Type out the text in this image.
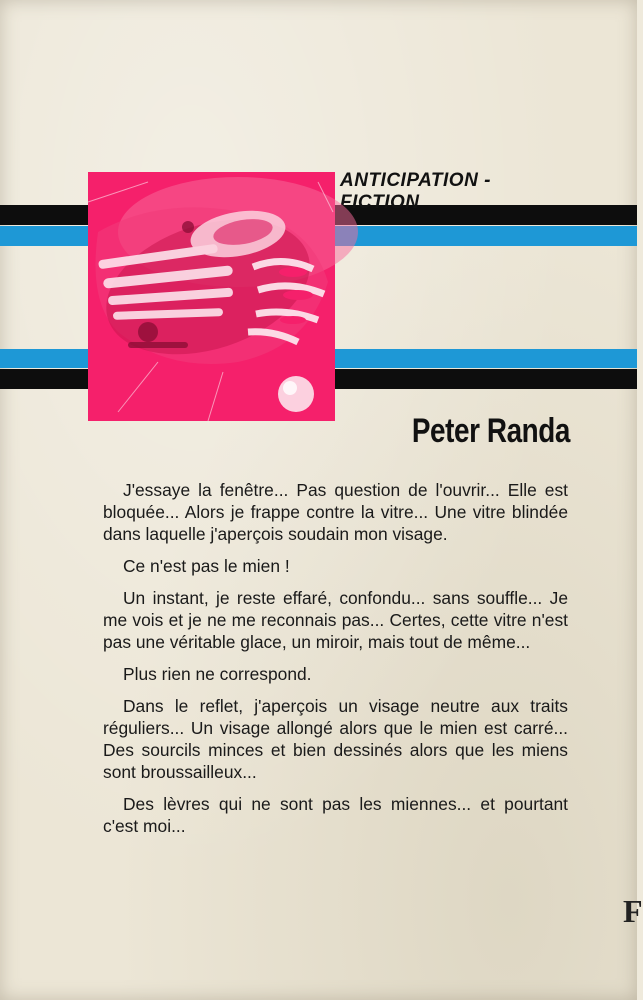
ANTICIPATION - FICTION
Peter Randa

J'essaye la fenêtre... Pas question de l'ouvrir... Elle est bloquée... Alors je frappe contre la vitre... Une vitre blindée dans laquelle j'aperçois soudain mon visage.

Ce n'est pas le mien !

Un instant, je reste effaré, confondu... sans souffle... Je me vois et je ne me reconnais pas... Certes, cette vitre n'est pas une véritable glace, un miroir, mais tout de même...

Plus rien ne correspond.

Dans le reflet, j'aperçois un visage neutre aux traits réguliers... Un visage allongé alors que le mien est carré... Des sourcils minces et bien dessinés alors que les miens sont broussailleux...

Des lèvres qui ne sont pas les miennes... et pourtant c'est moi...

F
